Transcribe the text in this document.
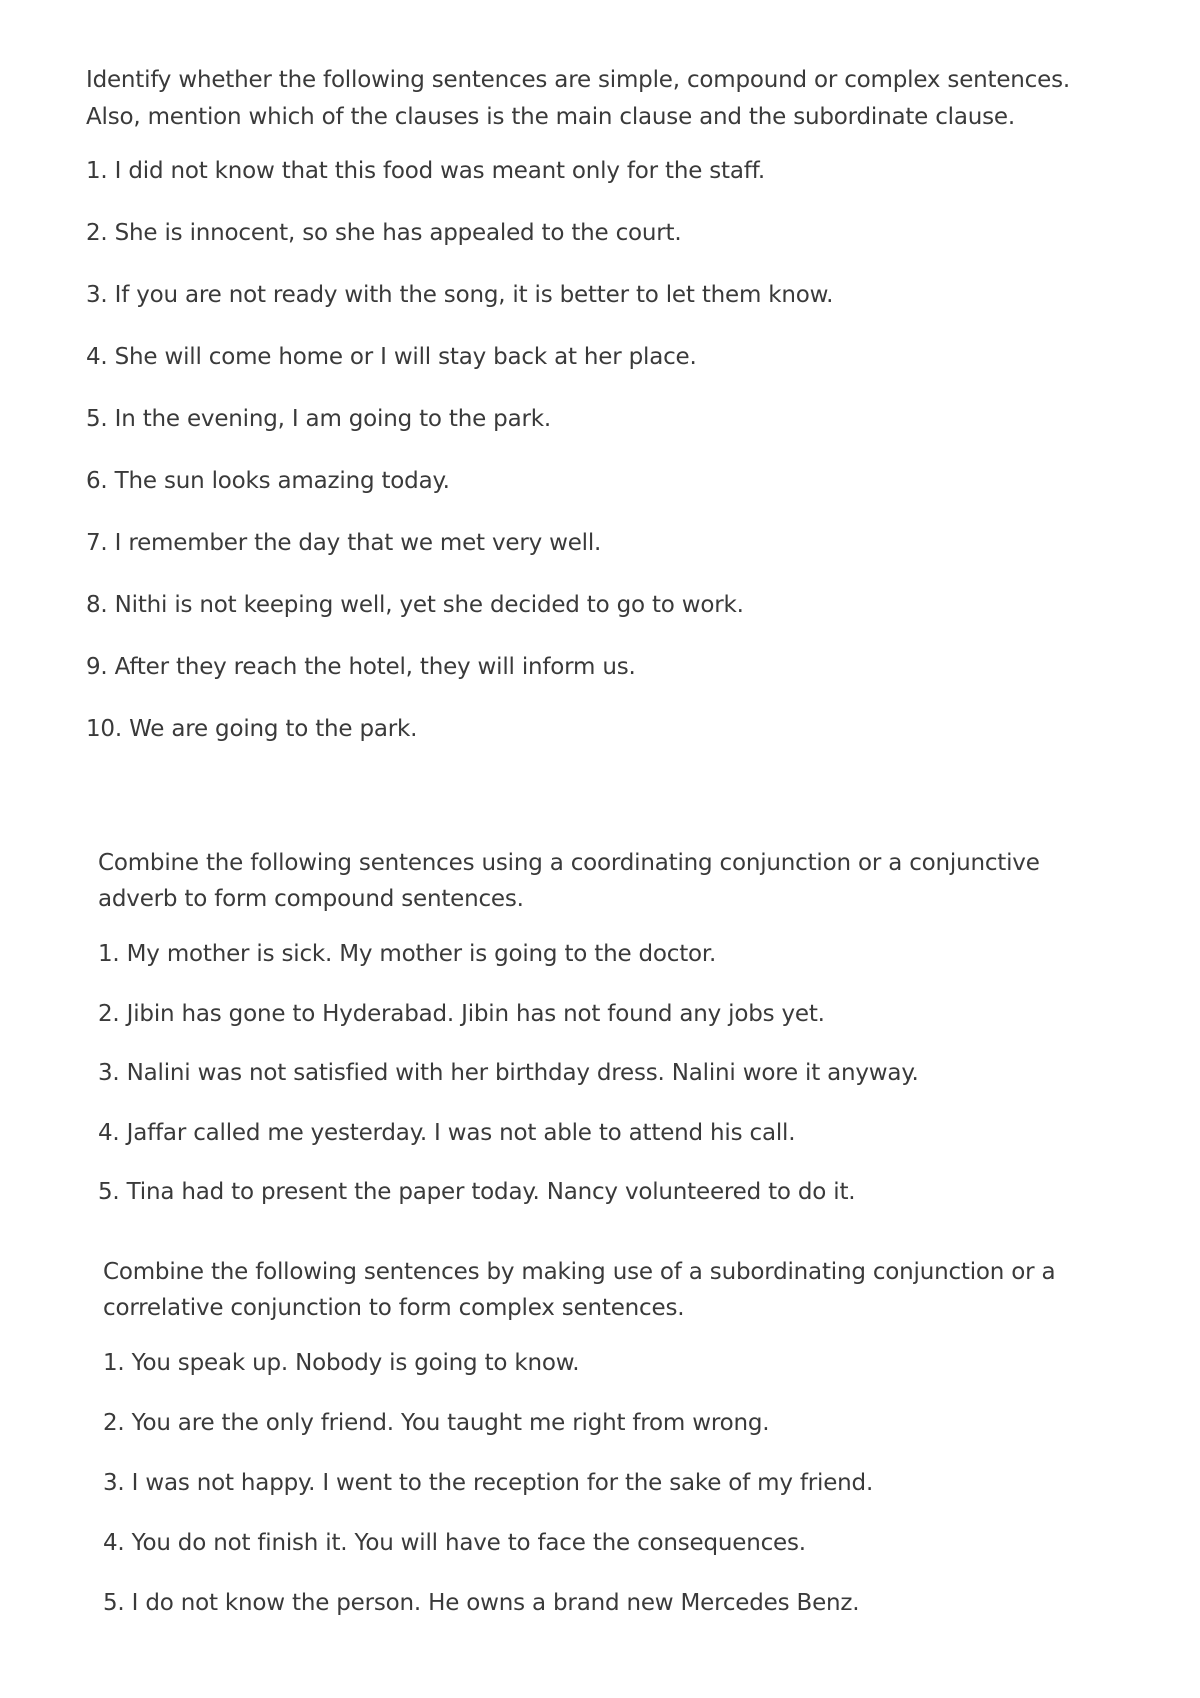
Identify whether the following sentences are simple, compound or complex sentences. Also, mention which of the clauses is the main clause and the subordinate clause.

1. I did not know that this food was meant only for the staff.
2. She is innocent, so she has appealed to the court.
3. If you are not ready with the song, it is better to let them know.
4. She will come home or I will stay back at her place.
5. In the evening, I am going to the park.
6. The sun looks amazing today.
7. I remember the day that we met very well.
8. Nithi is not keeping well, yet she decided to go to work.
9. After they reach the hotel, they will inform us.
10. We are going to the park.

Combine the following sentences using a coordinating conjunction or a conjunctive adverb to form compound sentences.

1. My mother is sick. My mother is going to the doctor.
2. Jibin has gone to Hyderabad. Jibin has not found any jobs yet.
3. Nalini was not satisfied with her birthday dress. Nalini wore it anyway.
4. Jaffar called me yesterday. I was not able to attend his call.
5. Tina had to present the paper today. Nancy volunteered to do it.

Combine the following sentences by making use of a subordinating conjunction or a correlative conjunction to form complex sentences.

1. You speak up. Nobody is going to know.
2. You are the only friend. You taught me right from wrong.
3. I was not happy. I went to the reception for the sake of my friend.
4. You do not finish it. You will have to face the consequences.
5. I do not know the person. He owns a brand new Mercedes Benz.
